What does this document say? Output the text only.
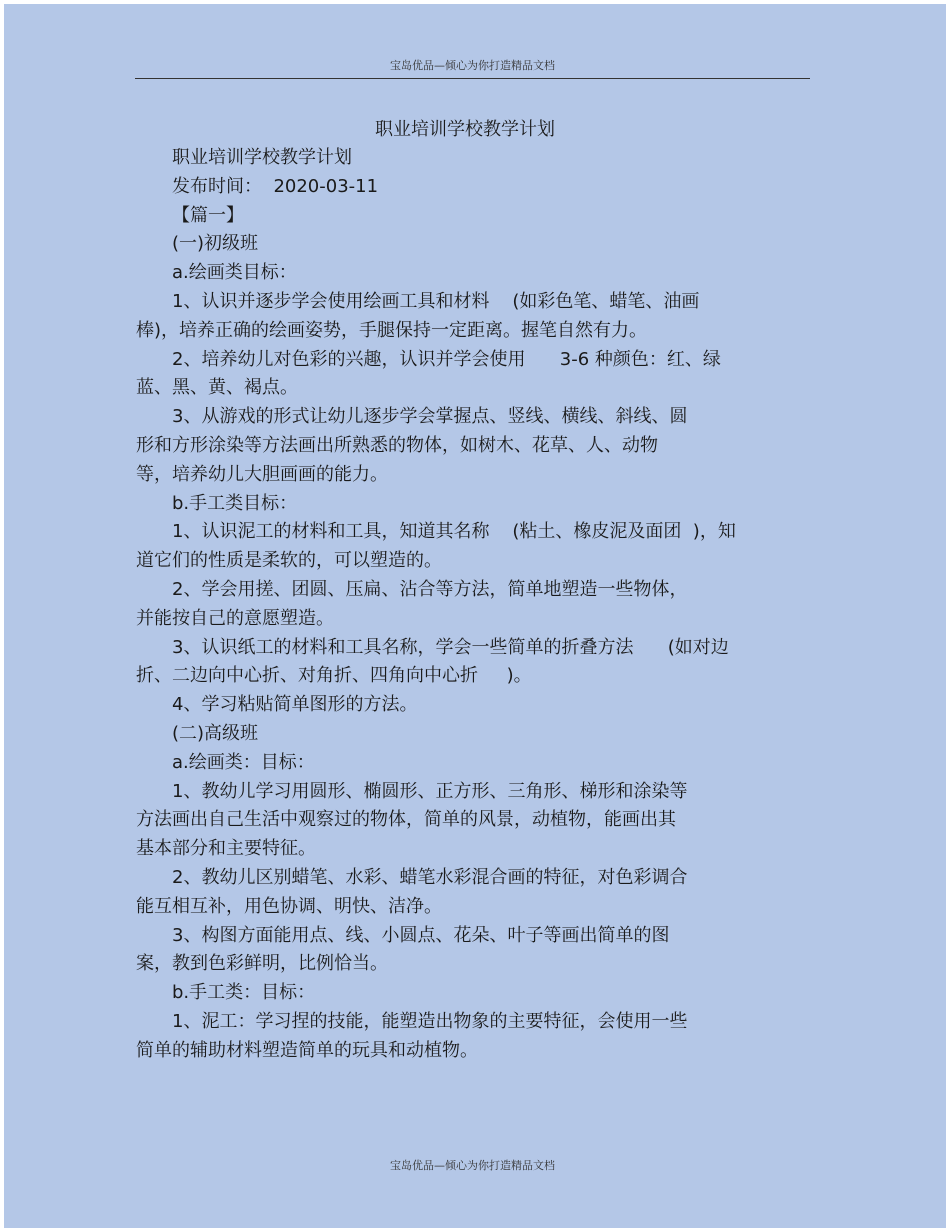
宝岛优品—倾心为你打造精品文档
职业培训学校教学计划
职业培训学校教学计划
发布时间：  2020-03-11
【篇一】
(一)初级班
a.绘画类目标：
1、认识并逐步学会使用绘画工具和材料    (如彩色笔、蜡笔、油画
棒)，培养正确的绘画姿势，手腿保持一定距离。握笔自然有力。
2、培养幼儿对色彩的兴趣，认识并学会使用      3-6 种颜色：红、绿
蓝、黑、黄、褐点。
3、从游戏的形式让幼儿逐步学会掌握点、竖线、横线、斜线、圆
形和方形涂染等方法画出所熟悉的物体，如树木、花草、人、动物
等，培养幼儿大胆画画的能力。
b.手工类目标：
1、认识泥工的材料和工具，知道其名称    (粘土、橡皮泥及面团  )，知
道它们的性质是柔软的，可以塑造的。
2、学会用搓、团圆、压扁、沾合等方法，简单地塑造一些物体，
并能按自己的意愿塑造。
3、认识纸工的材料和工具名称，学会一些简单的折叠方法      (如对边
折、二边向中心折、对角折、四角向中心折     )。
4、学习粘贴简单图形的方法。
(二)高级班
a.绘画类：目标：
1、教幼儿学习用圆形、椭圆形、正方形、三角形、梯形和涂染等
方法画出自己生活中观察过的物体，简单的风景，动植物，能画出其
基本部分和主要特征。
2、教幼儿区别蜡笔、水彩、蜡笔水彩混合画的特征，对色彩调合
能互相互补，用色协调、明快、洁净。
3、构图方面能用点、线、小圆点、花朵、叶子等画出简单的图
案，教到色彩鲜明，比例恰当。
b.手工类：目标：
1、泥工：学习捏的技能，能塑造出物象的主要特征，会使用一些
简单的辅助材料塑造简单的玩具和动植物。
宝岛优品—倾心为你打造精品文档
